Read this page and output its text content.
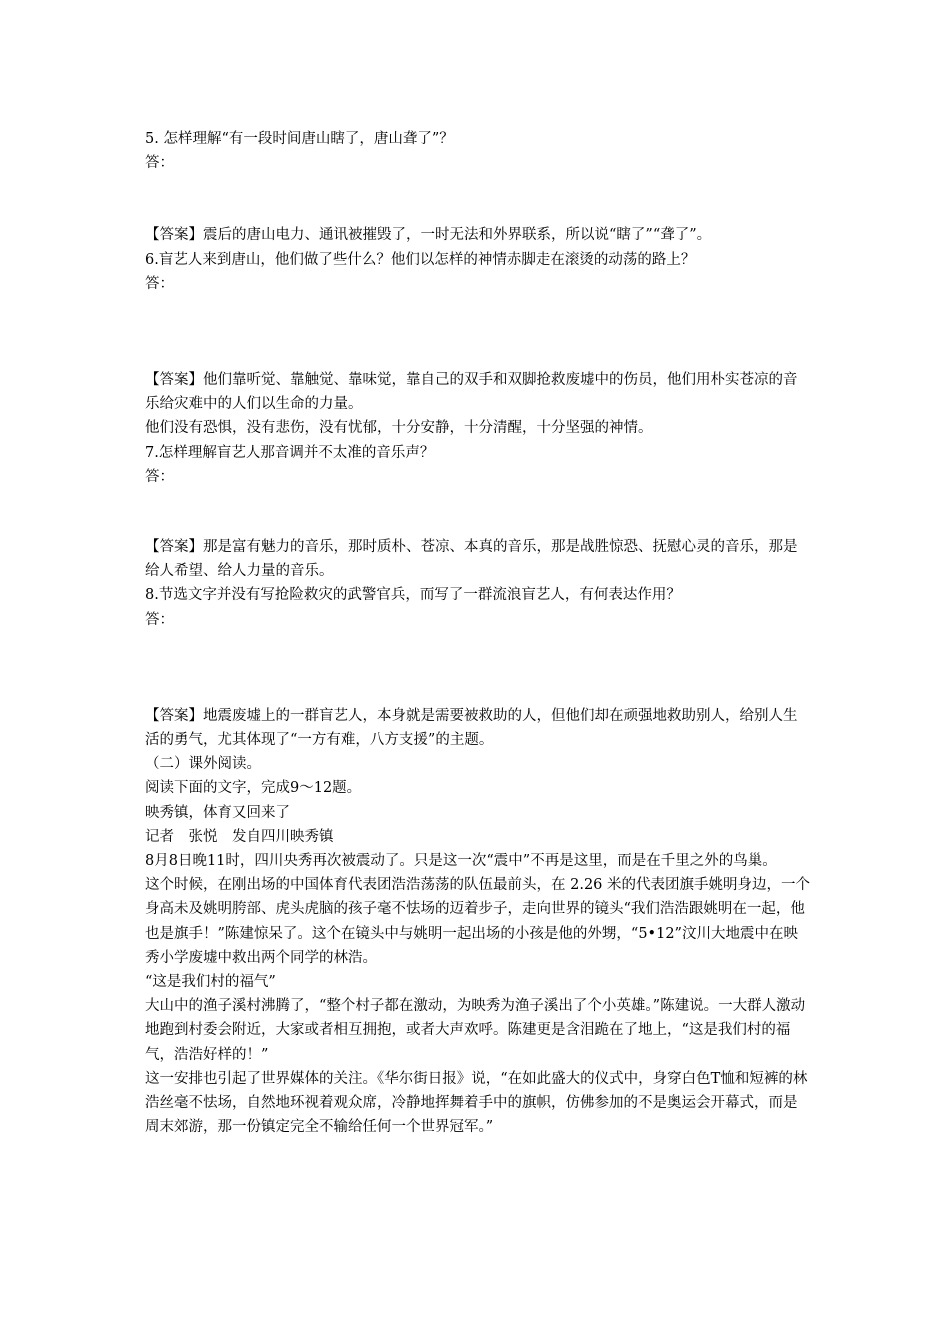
5. 怎样理解“有一段时间唐山瞎了，唐山聋了”？

答：

【答案】震后的唐山电力、通讯被摧毁了，一时无法和外界联系，所以说“瞎了”“聋了”。

6.盲艺人来到唐山，他们做了些什么？他们以怎样的神情赤脚走在滚烫的动荡的路上？

答：

【答案】他们靠听觉、靠触觉、靠味觉，靠自己的双手和双脚抢救废墟中的伤员，他们用朴实苍凉的音乐给灾难中的人们以生命的力量。

他们没有恐惧，没有悲伤，没有忧郁，十分安静，十分清醒，十分坚强的神情。

7.怎样理解盲艺人那音调并不太准的音乐声？

答：

【答案】那是富有魅力的音乐，那时质朴、苍凉、本真的音乐，那是战胜惊恐、抚慰心灵的音乐，那是给人希望、给人力量的音乐。

8.节选文字并没有写抢险救灾的武警官兵，而写了一群流浪盲艺人，有何表达作用？

答：

【答案】地震废墟上的一群盲艺人，本身就是需要被救助的人，但他们却在顽强地救助别人，给别人生活的勇气，尤其体现了“一方有难，八方支援”的主题。

（二）课外阅读。

阅读下面的文字，完成9～12题。

映秀镇，体育又回来了

记者　张悦　发自四川映秀镇

8月8日晚11时，四川央秀再次被震动了。只是这一次“震中”不再是这里，而是在千里之外的鸟巢。

这个时候，在刚出场的中国体育代表团浩浩荡荡的队伍最前头，在 2.26 米的代表团旗手姚明身边，一个身高未及姚明胯部、虎头虎脑的孩子毫不怯场的迈着步子，走向世界的镜头“我们浩浩跟姚明在一起，他也是旗手！”陈建惊呆了。这个在镜头中与姚明一起出场的小孩是他的外甥，“5•12”汶川大地震中在映秀小学废墟中救出两个同学的林浩。

“这是我们村的福气”

大山中的渔子溪村沸腾了，“整个村子都在激动，为映秀为渔子溪出了个小英雄。”陈建说。一大群人激动地跑到村委会附近，大家或者相互拥抱，或者大声欢呼。陈建更是含泪跪在了地上，“这是我们村的福气，浩浩好样的！”

这一安排也引起了世界媒体的关注。《华尔街日报》说，“在如此盛大的仪式中，身穿白色T恤和短裤的林浩丝毫不怯场，自然地环视着观众席，冷静地挥舞着手中的旗帜，仿佛参加的不是奥运会开幕式，而是周末郊游，那一份镇定完全不输给任何一个世界冠军。”
